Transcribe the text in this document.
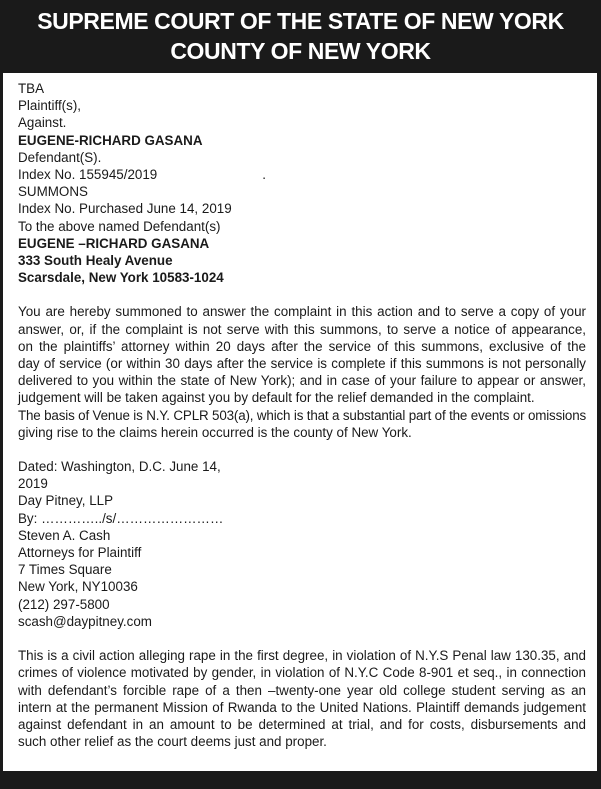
SUPREME COURT OF THE STATE OF NEW YORK
COUNTY OF NEW YORK
TBA
Plaintiff(s),
Against.
EUGENE-RICHARD GASANA
Defendant(S).
Index No. 155945/2019	.
SUMMONS
Index No. Purchased June 14, 2019
To the above named Defendant(s)
EUGENE –RICHARD GASANA
333 South Healy Avenue
Scarsdale, New York 10583-1024
You are hereby summoned to answer the complaint in this action and to serve a copy of your
answer, or, if the complaint is not serve with this summons, to serve a notice of appearance,
on the plaintiffs’ attorney within 20 days after the service of this summons, exclusive of the
day of service (or within 30 days after the service is complete if this summons is not personally
delivered to you within the state of New York); and in case of your failure to appear or answer,
judgement will be taken against you by default for the relief demanded in the complaint.
The basis of Venue is N.Y. CPLR 503(a), which is that a substantial part of the events or omissions
giving rise to the claims herein occurred is the county of New York.
Dated: Washington, D.C. June 14,
2019
Day Pitney, LLP
By: …………../s/……………………
Steven A. Cash
Attorneys for Plaintiff
7 Times Square
New York, NY10036
(212) 297-5800
scash@daypitney.com
This is a civil action alleging rape in the first degree, in violation of N.Y.S Penal law 130.35, and
crimes of violence motivated by gender, in violation of N.Y.C Code 8-901 et seq., in connection
with defendant’s forcible rape of a then –twenty-one year old college student serving as an
intern at the permanent Mission of Rwanda to the United Nations. Plaintiff demands judgement
against defendant in an amount to be determined at trial, and for costs, disbursements and
such other relief as the court deems just and proper.
